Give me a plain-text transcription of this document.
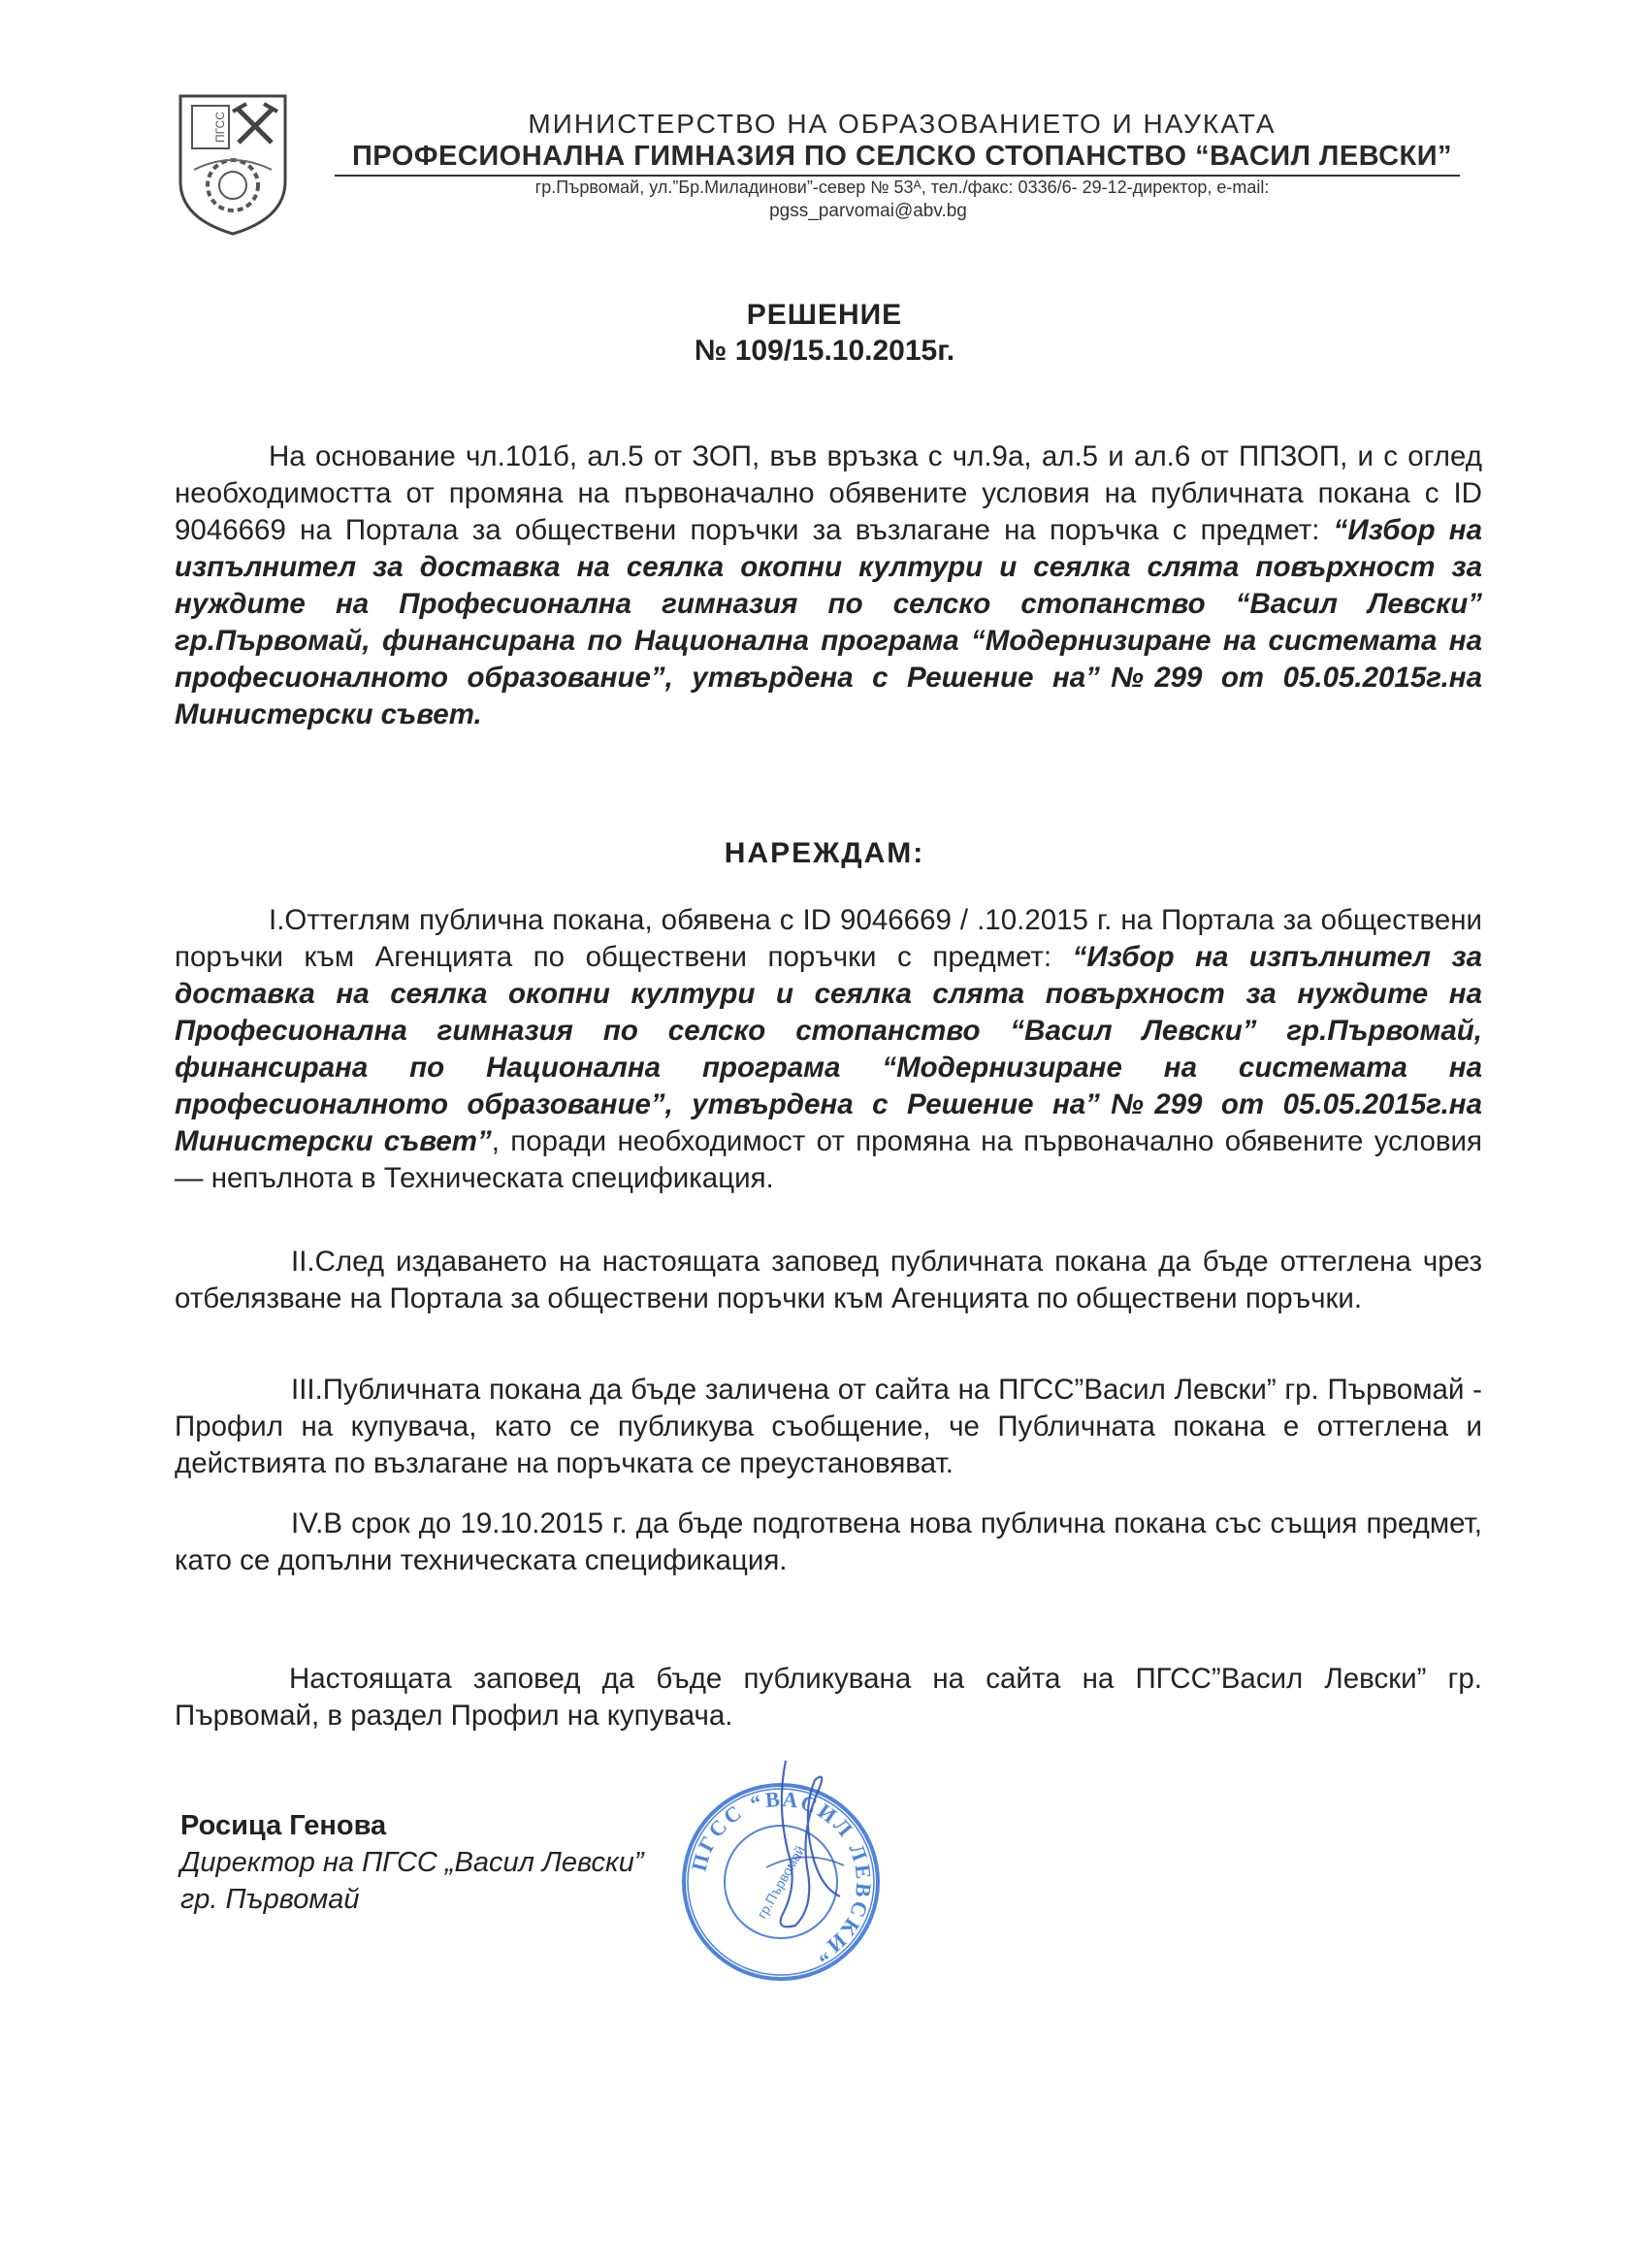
ПГСС	МИНИСТЕРСТВО НА ОБРАЗОВАНИЕТО И НАУКАТА
ПРОФЕСИОНАЛНА ГИМНАЗИЯ ПО СЕЛСКО СТОПАНСТВО “ВАСИЛ ЛЕВСКИ”
гр.Първомай, ул.”Бр.Миладинови”-север № 53ᴬ, тел./факс: 0336/6- 29-12-директор, e-mail:
pgss_parvomai@abv.bg
РЕШЕНИЕ
№ 109/15.10.2015г.
На основание чл.101б, ал.5 от ЗОП, във връзка с чл.9а, ал.5 и ал.6 от ППЗОП, и с оглед необходимостта от промяна на първоначално обявените условия на публичната покана с ID 9046669 на Портала за обществени поръчки за възлагане на поръчка с предмет: “Избор на изпълнител за доставка на сеялка окопни култури и сеялка слята повърхност за нуждите на Професионална гимназия по селско стопанство “Васил Левски” гр.Първомай, финансирана по Национална програма “Модернизиране на системата на професионалното образование”, утвърдена с Решение на”№299 от 05.05.2015г.на Министерски съвет.
НАРЕЖДАМ:
I.Оттеглям публична покана, обявена с ID 9046669 / .10.2015 г. на Портала за обществени поръчки към Агенцията по обществени поръчки с предмет: “Избор на изпълнител за доставка на сеялка окопни култури и сеялка слята повърхност за нуждите на Професионална гимназия по селско стопанство “Васил Левски” гр.Първомай, финансирана по Национална програма “Модернизиране на системата на професионалното образование”, утвърдена с Решение на”№299 от 05.05.2015г.на Министерски съвет”, поради необходимост от промяна на първоначално обявените условия — непълнота в Техническата спецификация.
II.След издаването на настоящата заповед публичната покана да бъде оттеглена чрез отбелязване на Портала за обществени поръчки към Агенцията по обществени поръчки.
III.Публичната покана да бъде заличена от сайта на ПГСС”Васил Левски” гр. Първомай - Профил на купувача, като се публикува съобщение, че Публичната покана е оттеглена и действията по възлагане на поръчката се преустановяват.
IV.В срок до 19.10.2015 г. да бъде подготвена нова публична покана със същия предмет, като се допълни техническата спецификация.
Настоящата заповед да бъде публикувана на сайта на ПГСС”Васил Левски” гр. Първомай, в раздел Профил на купувача.
Росица Генова
Директор на ПГСС „Васил Левски”
гр. Първомай
ПГСС “ВАСИЛ ЛЕВСКИ”
гр.Първомай
